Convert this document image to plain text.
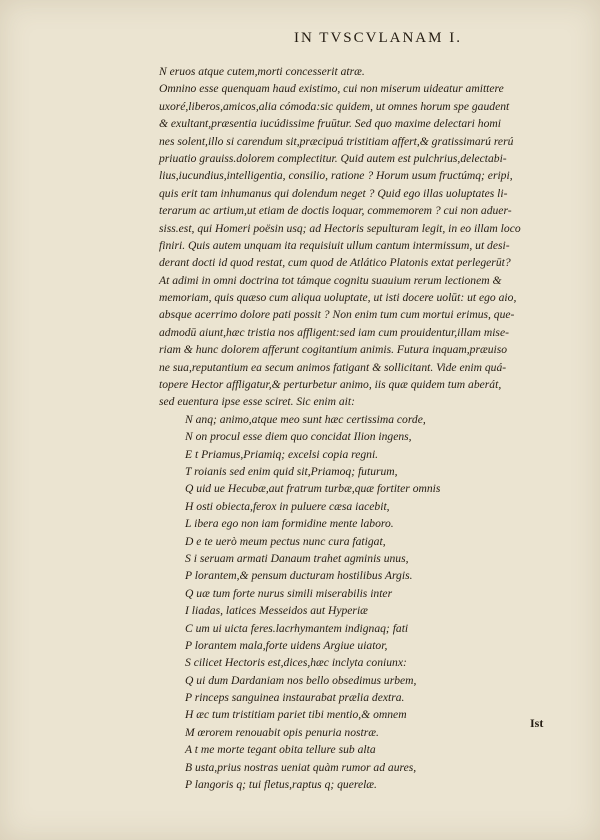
IN TVSCVLANAM I.
N eruos atque cutem,morti concesserit atræ.
Omnino esse quenquam haud existimo, cui non miserum uideatur amittere
uxoré,liberos,amicos,alia cómoda:sic quidem, ut omnes horum spe gaudent
& exultant,præsentia iucúdissime fruūtur. Sed quo maxime delectari homi
nes solent,illo si carendum sit,præcipuá tristitiam affert,& gratissimarú rerú
priuatio grauiss.dolorem complectitur. Quid autem est pulchrius,delectabi-
lius,iucundius,intelligentia, consilio, ratione ? Horum usum fructúmq; eripi,
quis erit tam inhumanus qui dolendum neget ? Quid ego illas uoluptates li-
terarum ac artium,ut etiam de doctis loquar, commemorem ? cui non aduer-
siss.est, qui Homeri poësin usq; ad Hectoris sepulturam legit, in eo illam loco
finiri. Quis autem unquam ita requisiuit ullum cantum intermissum, ut desi-
derant docti id quod restat, cum quod de Atlático Platonis extat perlegerūt?
At adimi in omni doctrina tot támque cognitu suauium rerum lectionem &
memoriam, quis quæso cum aliqua uoluptate, ut isti docere uolūt: ut ego aio,
absque acerrimo dolore pati possit ? Non enim tum cum mortui erimus, que-
admodū aiunt,hæc tristia nos affligent:sed iam cum prouidentur,illam mise-
riam & hunc dolorem afferunt cogitantium animis. Futura inquam,præuiso
ne sua,reputantium ea secum animos fatigant & sollicitant. Vide enim quá-
topere Hector affligatur,& perturbetur animo, iis quæ quidem tum aberát,
sed euentura ipse esse sciret. Sic enim ait:
N anq; animo,atque meo sunt hæc certissima corde,
N on procul esse diem quo concidat Ilion ingens,
E t Priamus,Priamiq; excelsi copia regni.
T roianis sed enim quid sit,Priamoq; futurum,
Q uid ue Hecubæ,aut fratrum turbæ,quæ fortiter omnis
H osti obiecta,ferox in puluere cæsa iacebit,
L ibera ego non iam formidine mente laboro.
D e te uerò meum pectus nunc cura fatigat,
S i seruam armati Danaum trahet agminis unus,
P lorantem,& pensum ducturam hostilibus Argis.
Q uæ tum forte nurus simili miserabilis inter
I liadas, latices Messeidos aut Hyperiæ
C um ui uicta feres.lacrhymantem indignaq; fati
P lorantem mala,forte uidens Argiue uiator,
S cilicet Hectoris est,dices,hæc inclyta coniunx:
Q ui dum Dardaniam nos bello obsedimus urbem,
P rinceps sanguinea instaurabat prælia dextra.
H æc tum tristitiam pariet tibi mentio,& omnem
M œrorem renouabit opis penuria nostræ.
A t me morte tegant obita tellure sub alta
B usta,prius nostras ueniat quàm rumor ad aures,
P langoris q; tui fletus,raptus q; querelæ.
Ist
